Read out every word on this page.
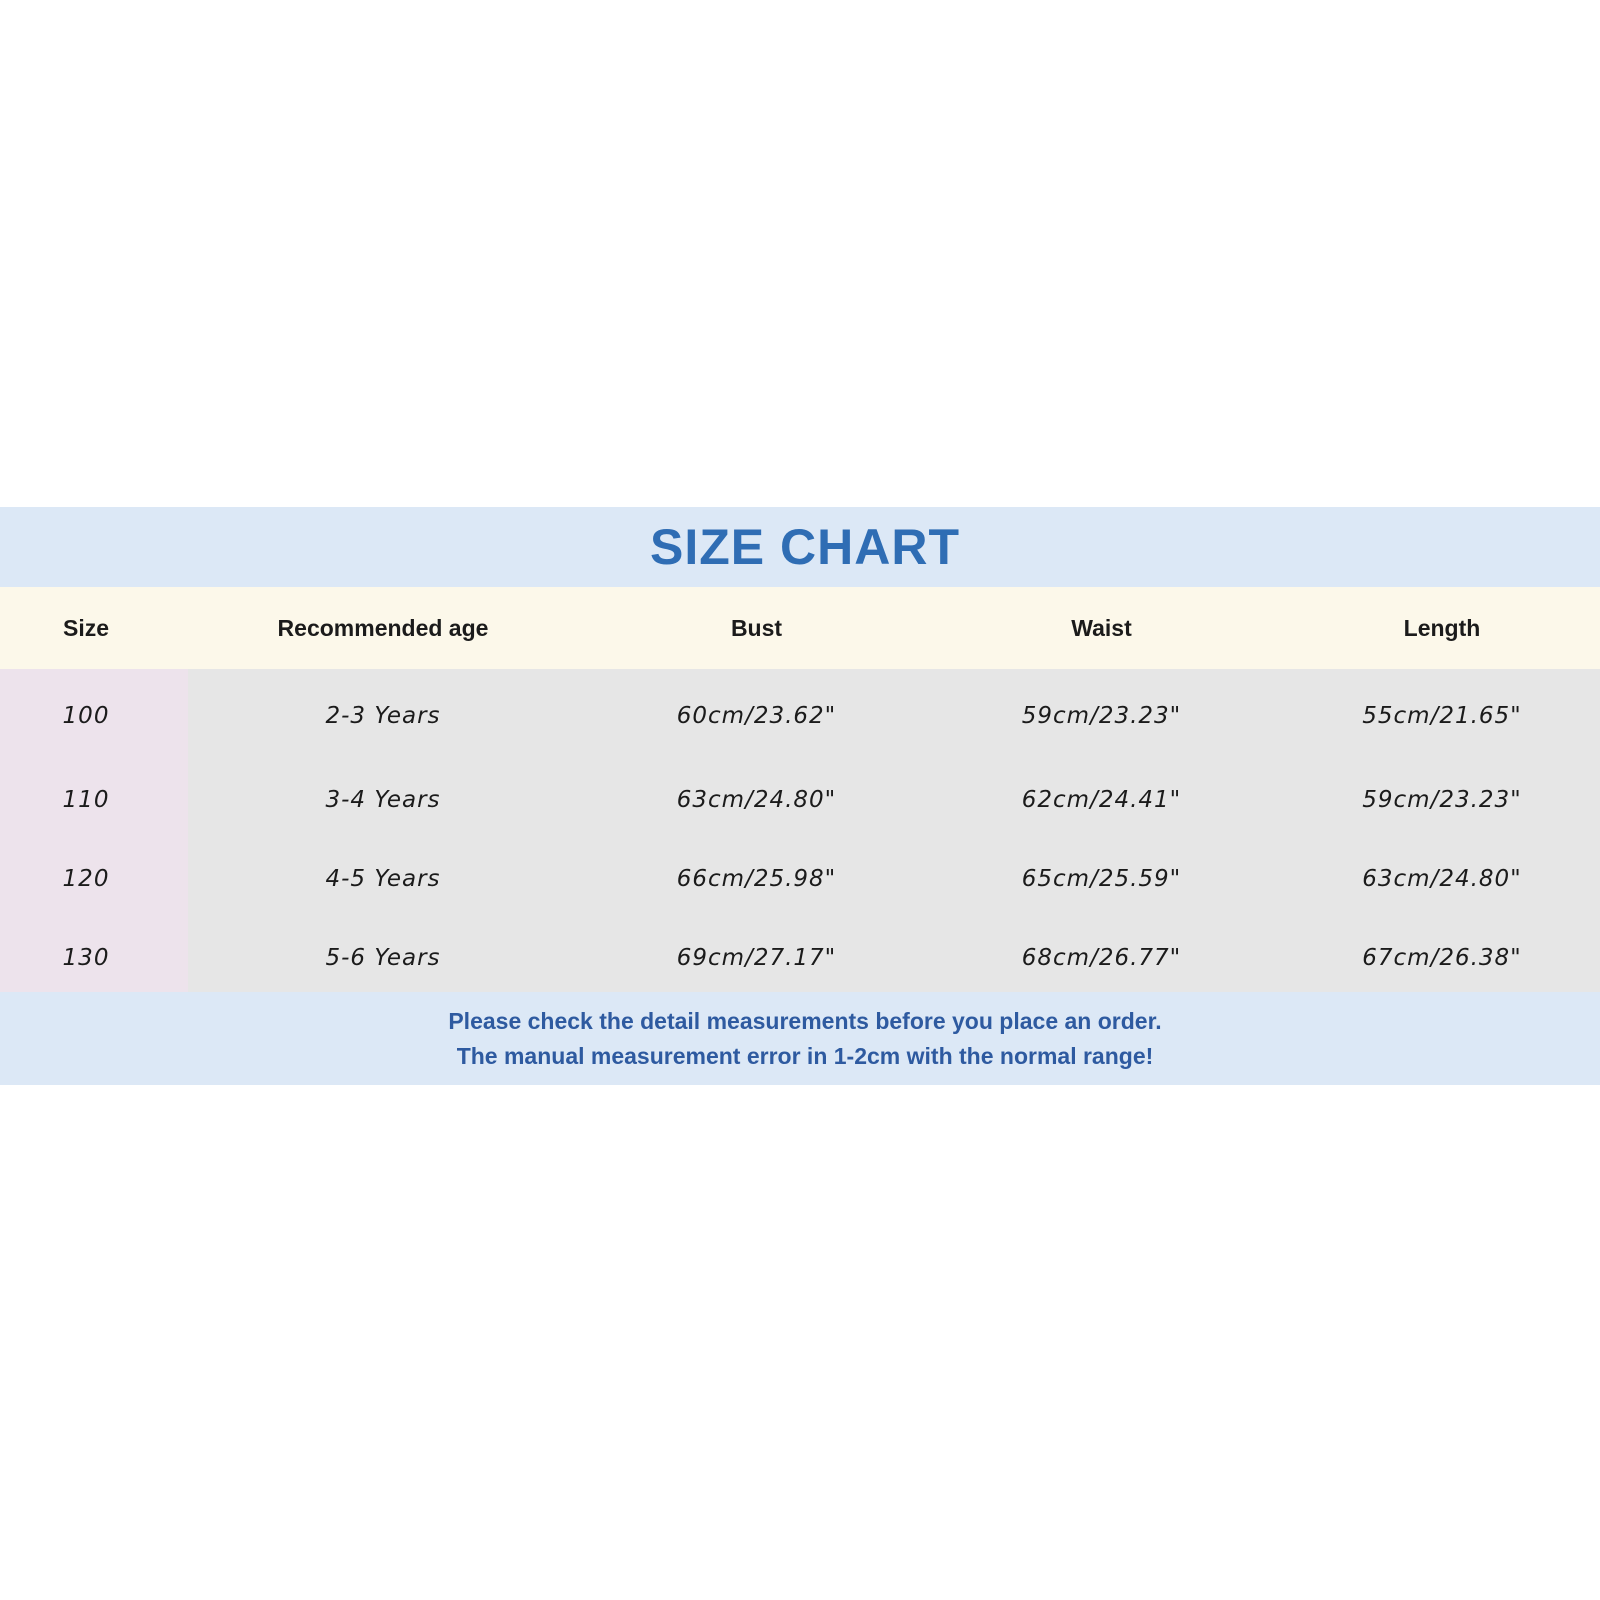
SIZE CHART
Size	Recommended age	Bust	Waist	Length
100	2-3 Years	60cm/23.62"	59cm/23.23"	55cm/21.65"
110	3-4 Years	63cm/24.80"	62cm/24.41"	59cm/23.23"
120	4-5 Years	66cm/25.98"	65cm/25.59"	63cm/24.80"
130	5-6 Years	69cm/27.17"	68cm/26.77"	67cm/26.38"
Please check the detail measurements before you place an order.
The manual measurement error in 1-2cm with the normal range!
